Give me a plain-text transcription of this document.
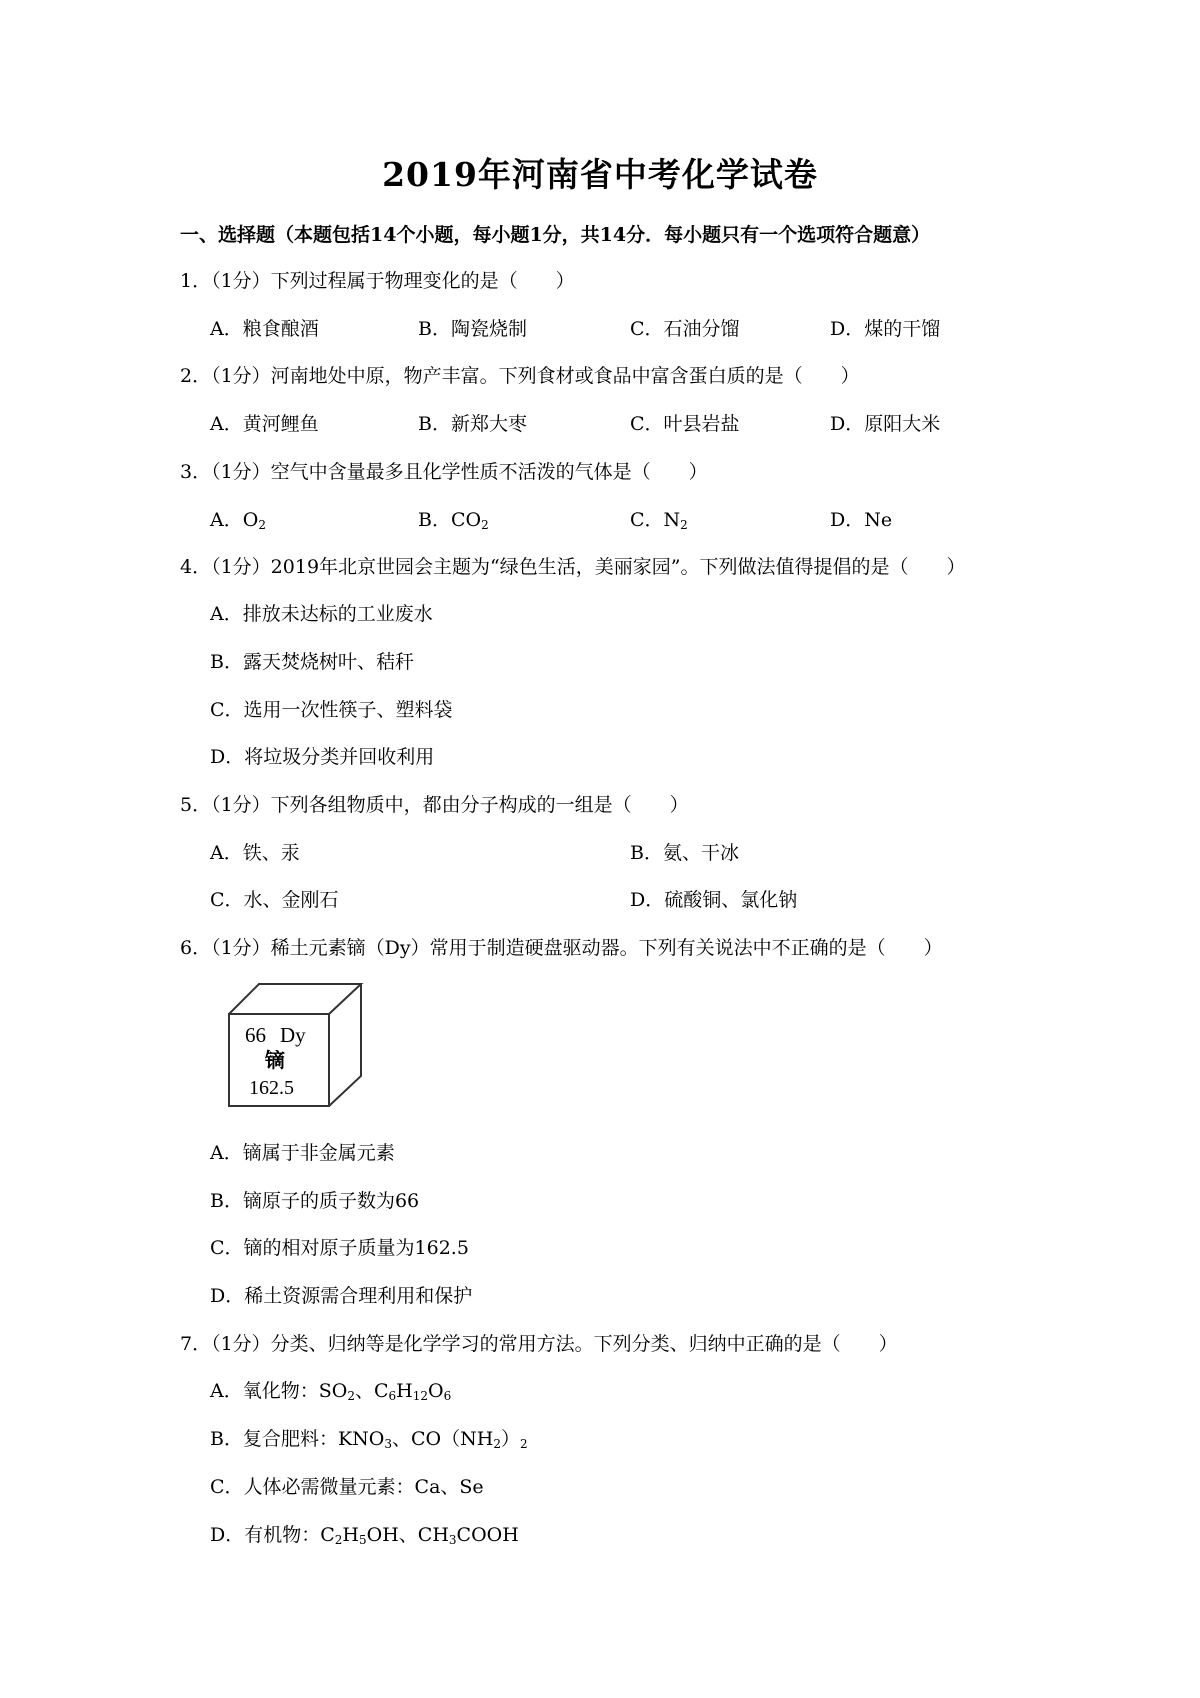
2019年河南省中考化学试卷
一、选择题（本题包括14个小题，每小题1分，共14分．每小题只有一个选项符合题意）
1．（1分）下列过程属于物理变化的是（　　）
A．粮食酿酒	B．陶瓷烧制	C．石油分馏	D．煤的干馏
2．（1分）河南地处中原，物产丰富。下列食材或食品中富含蛋白质的是（　　）
A．黄河鲤鱼	B．新郑大枣	C．叶县岩盐	D．原阳大米
3．（1分）空气中含量最多且化学性质不活泼的气体是（　　）
A．$O_2$	B．$CO_2$	C．$N_2$	D．Ne
4．（1分）2019年北京世园会主题为“绿色生活，美丽家园”。下列做法值得提倡的是（　　）
A．排放未达标的工业废水
B．露天焚烧树叶、秸秆
C．选用一次性筷子、塑料袋
D．将垃圾分类并回收利用
5．（1分）下列各组物质中，都由分子构成的一组是（　　）
A．铁、汞	B．氨、干冰
C．水、金刚石	D．硫酸铜、氯化钠
6．（1分）稀土元素镝（Dy）常用于制造硬盘驱动器。下列有关说法中不正确的是（　　）
66 Dy
镝
162.5
A．镝属于非金属元素
B．镝原子的质子数为66
C．镝的相对原子质量为162.5
D．稀土资源需合理利用和保护
7．（1分）分类、归纳等是化学学习的常用方法。下列分类、归纳中正确的是（　　）
A．氧化物：$SO_2$、$C_6H_{12}O_6$
B．复合肥料：$KNO_3$、$CO(NH_2)_2$
C．人体必需微量元素：Ca、Se
D．有机物：$C_2H_5OH$、$CH_3COOH$
